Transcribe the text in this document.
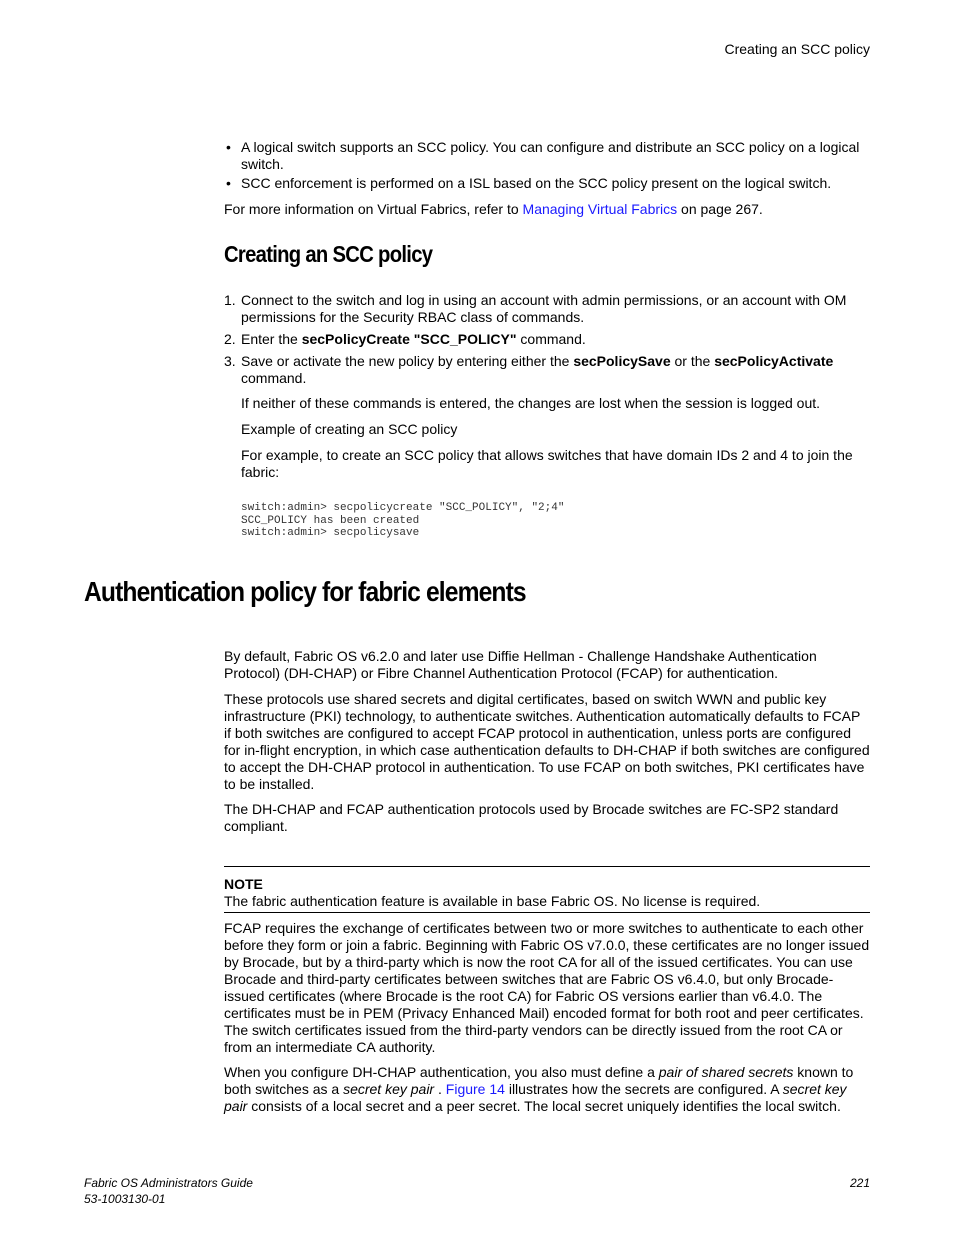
Creating an SCC policy
• A logical switch supports an SCC policy. You can configure and distribute an SCC policy on a logical switch.
• SCC enforcement is performed on a ISL based on the SCC policy present on the logical switch.

For more information on Virtual Fabrics, refer to Managing Virtual Fabrics on page 267.

Creating an SCC policy
1. Connect to the switch and log in using an account with admin permissions, or an account with OM permissions for the Security RBAC class of commands.
2. Enter the secPolicyCreate "SCC_POLICY" command.
3. Save or activate the new policy by entering either the secPolicySave or the secPolicyActivate command.

If neither of these commands is entered, the changes are lost when the session is logged out.

Example of creating an SCC policy

For example, to create an SCC policy that allows switches that have domain IDs 2 and 4 to join the fabric:

switch:admin> secpolicycreate "SCC_POLICY", "2;4"
SCC_POLICY has been created
switch:admin> secpolicysave
Authentication policy for fabric elements

By default, Fabric OS v6.2.0 and later use Diffie Hellman - Challenge Handshake Authentication Protocol) (DH-CHAP) or Fibre Channel Authentication Protocol (FCAP) for authentication.

These protocols use shared secrets and digital certificates, based on switch WWN and public key infrastructure (PKI) technology, to authenticate switches. Authentication automatically defaults to FCAP if both switches are configured to accept FCAP protocol in authentication, unless ports are configured for in-flight encryption, in which case authentication defaults to DH-CHAP if both switches are configured to accept the DH-CHAP protocol in authentication. To use FCAP on both switches, PKI certificates have to be installed.

The DH-CHAP and FCAP authentication protocols used by Brocade switches are FC-SP2 standard compliant.

NOTE
The fabric authentication feature is available in base Fabric OS. No license is required.

FCAP requires the exchange of certificates between two or more switches to authenticate to each other before they form or join a fabric. Beginning with Fabric OS v7.0.0, these certificates are no longer issued by Brocade, but by a third-party which is now the root CA for all of the issued certificates. You can use Brocade and third-party certificates between switches that are Fabric OS v6.4.0, but only Brocade-issued certificates (where Brocade is the root CA) for Fabric OS versions earlier than v6.4.0. The certificates must be in PEM (Privacy Enhanced Mail) encoded format for both root and peer certificates. The switch certificates issued from the third-party vendors can be directly issued from the root CA or from an intermediate CA authority.

When you configure DH-CHAP authentication, you also must define a pair of shared secrets known to both switches as a secret key pair . Figure 14 illustrates how the secrets are configured. A secret key pair consists of a local secret and a peer secret. The local secret uniquely identifies the local switch.

Fabric OS Administrators Guide
53-1003130-01
221
